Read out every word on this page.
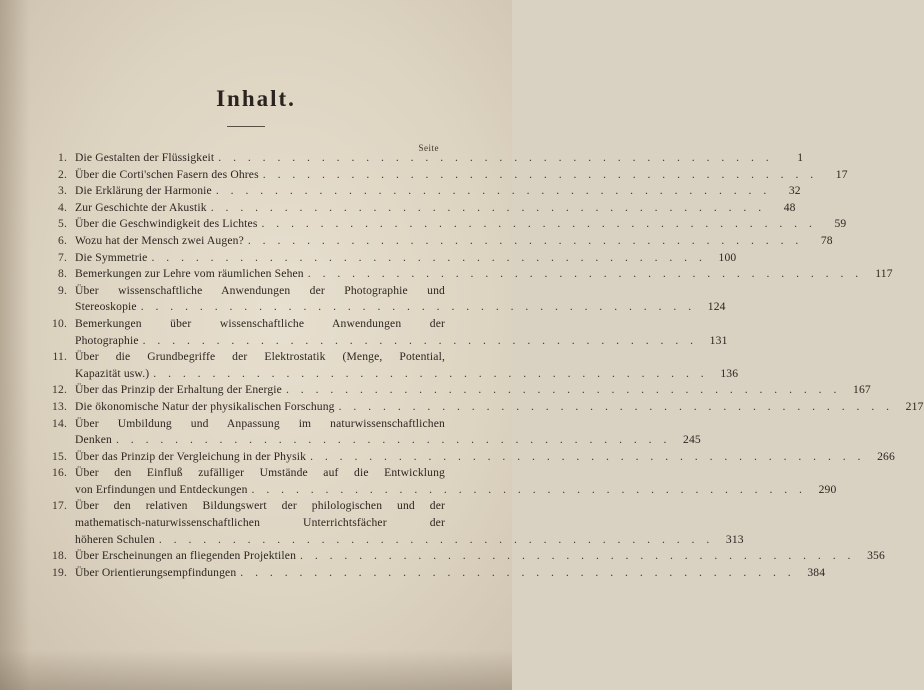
Inhalt.
Seite
1. Die Gestalten der Flüssigkeit . . . . . . . . . . . . . . . . . . . . . . . . . . . . . . . . . . . . . .	1
2. Über die Corti'schen Fasern des Ohres . . . . . . . . . . . . . . . . . . . . . . . . . . . . . . . . . . . . . .	17
3. Die Erklärung der Harmonie . . . . . . . . . . . . . . . . . . . . . . . . . . . . . . . . . . . . . .	32
4. Zur Geschichte der Akustik . . . . . . . . . . . . . . . . . . . . . . . . . . . . . . . . . . . . . .	48
5. Über die Geschwindigkeit des Lichtes . . . . . . . . . . . . . . . . . . . . . . . . . . . . . . . . . . . . . .	59
6. Wozu hat der Mensch zwei Augen? . . . . . . . . . . . . . . . . . . . . . . . . . . . . . . . . . . . . . .	78
7. Die Symmetrie . . . . . . . . . . . . . . . . . . . . . . . . . . . . . . . . . . . . . .	100
8. Bemerkungen zur Lehre vom räumlichen Sehen . . . . . . . . . . . . . . . . . . . . . . . . . . . . . . . . . . . . . .	117
9. Über wissenschaftliche Anwendungen der Photographie und
Stereoskopie . . . . . . . . . . . . . . . . . . . . . . . . . . . . . . . . . . . . . .	124
10. Bemerkungen über wissenschaftliche Anwendungen der
Photographie . . . . . . . . . . . . . . . . . . . . . . . . . . . . . . . . . . . . . .	131
11. Über die Grundbegriffe der Elektrostatik (Menge, Potential,
Kapazität usw.) . . . . . . . . . . . . . . . . . . . . . . . . . . . . . . . . . . . . . .	136
12. Über das Prinzip der Erhaltung der Energie . . . . . . . . . . . . . . . . . . . . . . . . . . . . . . . . . . . . . .	167
13. Die ökonomische Natur der physikalischen Forschung . . . . . . . . . . . . . . . . . . . . . . . . . . . . . . . . . . . . . .	217
14. Über Umbildung und Anpassung im naturwissenschaftlichen
Denken . . . . . . . . . . . . . . . . . . . . . . . . . . . . . . . . . . . . . .	245
15. Über das Prinzip der Vergleichung in der Physik . . . . . . . . . . . . . . . . . . . . . . . . . . . . . . . . . . . . . .	266
16. Über den Einfluß zufälliger Umstände auf die Entwicklung
von Erfindungen und Entdeckungen . . . . . . . . . . . . . . . . . . . . . . . . . . . . . . . . . . . . . .	290
17. Über den relativen Bildungswert der philologischen und der
mathematisch-naturwissenschaftlichen Unterrichtsfächer der
höheren Schulen . . . . . . . . . . . . . . . . . . . . . . . . . . . . . . . . . . . . . .	313
18. Über Erscheinungen an fliegenden Projektilen . . . . . . . . . . . . . . . . . . . . . . . . . . . . . . . . . . . . . .	356
19. Über Orientierungsempfindungen . . . . . . . . . . . . . . . . . . . . . . . . . . . . . . . . . . . . . .	384
